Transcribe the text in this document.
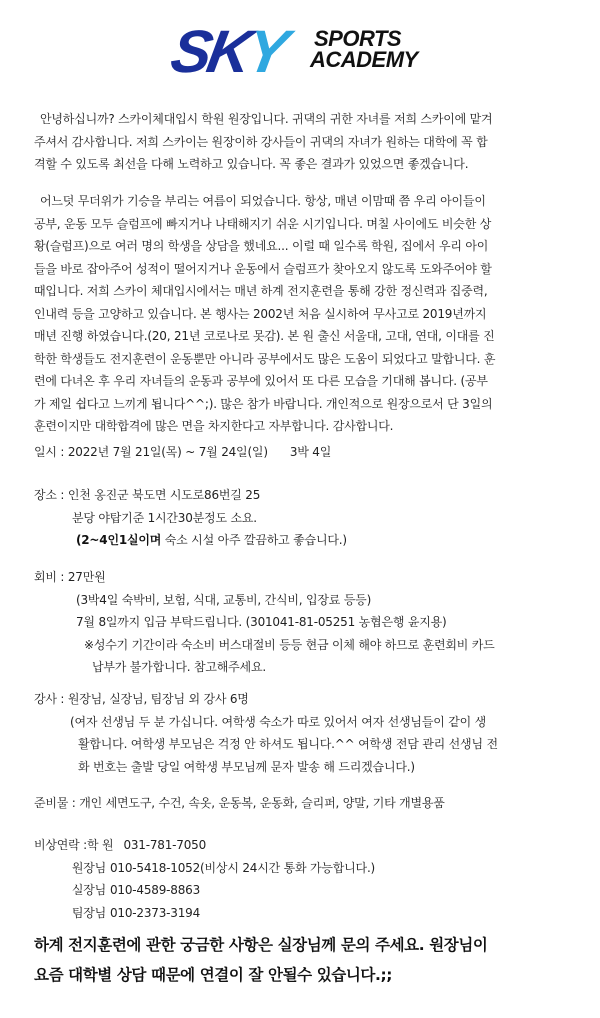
SKY SPORTS
ACADEMY
안녕하십니까? 스카이체대입시 학원 원장입니다. 귀댁의 귀한 자녀를 저희 스카이에 맡겨
주셔서 감사합니다. 저희 스카이는 원장이하 강사들이 귀댁의 자녀가 원하는 대학에 꼭 합
격할 수 있도록 최선을 다해 노력하고 있습니다. 꼭 좋은 결과가 있었으면 좋겠습니다.
어느덧 무더위가 기승을 부리는 여름이 되었습니다. 항상, 매년 이맘때 쯤 우리 아이들이
공부, 운동 모두 슬럼프에 빠지거나 나태해지기 쉬운 시기입니다. 며칠 사이에도 비슷한 상
황(슬럼프)으로 여러 명의 학생을 상담을 했네요... 이럴 때 일수록 학원, 집에서 우리 아이
들을 바로 잡아주어 성적이 떨어지거나 운동에서 슬럼프가 찾아오지 않도록 도와주어야 할
때입니다. 저희 스카이 체대입시에서는 매년 하계 전지훈련을 통해 강한 정신력과 집중력,
인내력 등을 고양하고 있습니다. 본 행사는 2002년 처음 실시하여 무사고로 2019년까지
매년 진행 하였습니다.(20, 21년 코로나로 못감). 본 원 출신 서울대, 고대, 연대, 이대를 진
학한 학생들도 전지훈련이 운동뿐만 아니라 공부에서도 많은 도움이 되었다고 말합니다. 훈
련에 다녀온 후 우리 자녀들의 운동과 공부에 있어서 또 다른 모습을 기대해 봅니다. (공부
가 제일 쉽다고 느끼게 됩니다^^;). 많은 참가 바랍니다. 개인적으로 원장으로서 단 3일의
훈련이지만 대학합격에 많은 면을 차지한다고 자부합니다. 감사합니다.
일시 : 2022년 7월 21일(목) ~ 7월 24일(일) 3박 4일
장소 : 인천 옹진군 북도면 시도로86번길 25
분당 야탑기준 1시간30분정도 소요.
(2~4인1실이며 숙소 시설 아주 깔끔하고 좋습니다.)
회비 : 27만원
(3박4일 숙박비, 보험, 식대, 교통비, 간식비, 입장료 등등)
7월 8일까지 입금 부탁드립니다. (301041-81-05251 농협은행 윤지용)
※성수기 기간이라 숙소비 버스대절비 등등 현금 이체 해야 하므로 훈련회비 카드
납부가 불가합니다. 참고해주세요.
강사 : 원장님, 실장님, 팀장님 외 강사 6명
(여자 선생님 두 분 가십니다. 여학생 숙소가 따로 있어서 여자 선생님들이 같이 생
활합니다. 여학생 부모님은 걱정 안 하셔도 됩니다.^^ 여학생 전담 관리 선생님 전
화 번호는 출발 당일 여학생 부모님께 문자 발송 해 드리겠습니다.)
준비물 : 개인 세면도구, 수건, 속옷, 운동복, 운동화, 슬리퍼, 양말, 기타 개별용품
비상연락 :학 원 031-781-7050
원장님 010-5418-1052(비상시 24시간 통화 가능합니다.)
실장님 010-4589-8863
팀장님 010-2373-3194
하계 전지훈련에 관한 궁금한 사항은 실장님께 문의 주세요. 원장님이
요즘 대학별 상담 때문에 연결이 잘 안될수 있습니다.;;
